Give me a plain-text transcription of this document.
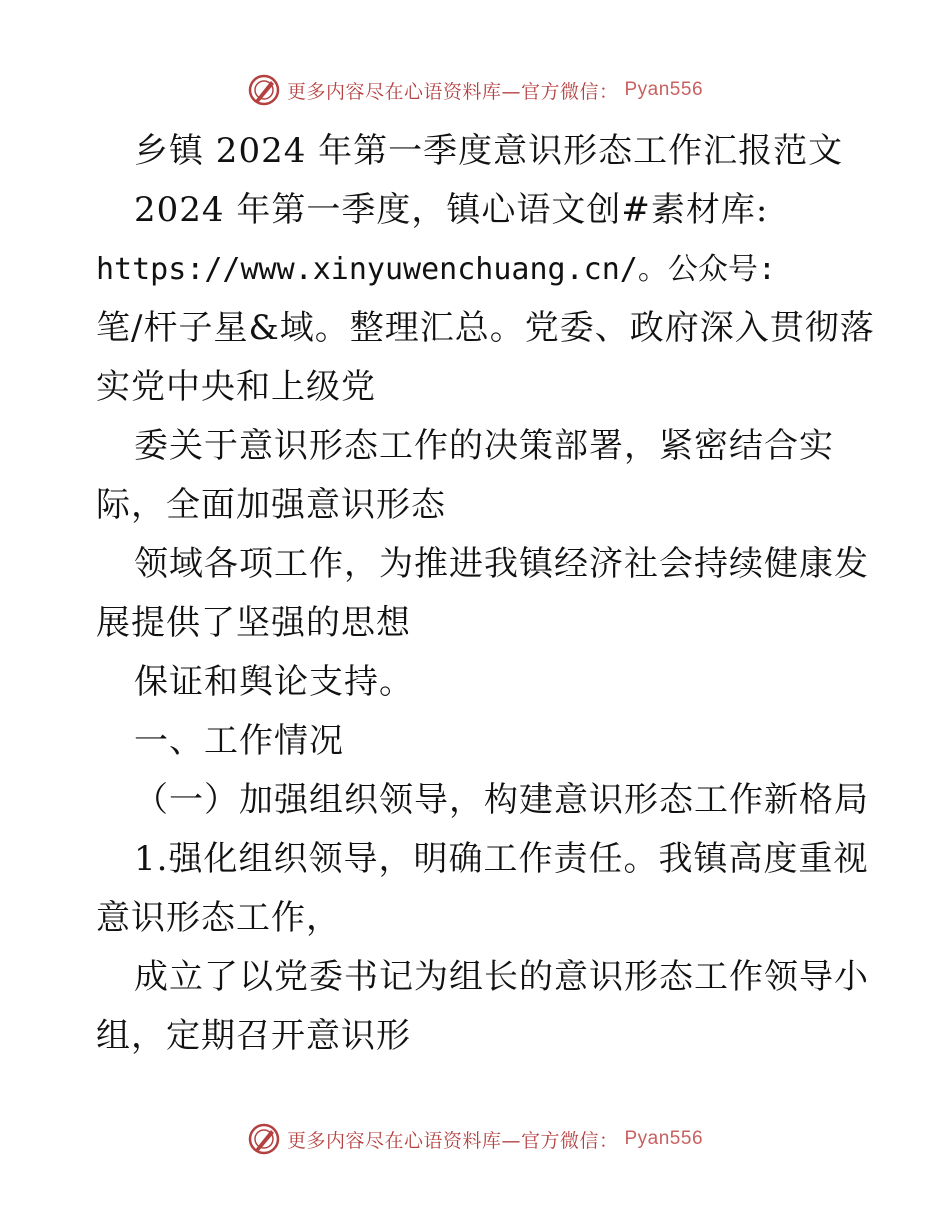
更多内容尽在心语资料库—官方微信： Pyan556
乡镇 2024 年第一季度意识形态工作汇报范文
2024 年第一季度，镇心语文创#素材库:
https://www.xinyuwenchuang.cn/。公众号:
笔/杆子星&域。整理汇总。党委、政府深入贯彻落
实党中央和上级党
委关于意识形态工作的决策部署，紧密结合实
际，全面加强意识形态
领域各项工作，为推进我镇经济社会持续健康发
展提供了坚强的思想
保证和舆论支持。
一、工作情况
（一）加强组织领导，构建意识形态工作新格局
1.强化组织领导，明确工作责任。我镇高度重视
意识形态工作，
成立了以党委书记为组长的意识形态工作领导小
组，定期召开意识形
更多内容尽在心语资料库—官方微信： Pyan556
